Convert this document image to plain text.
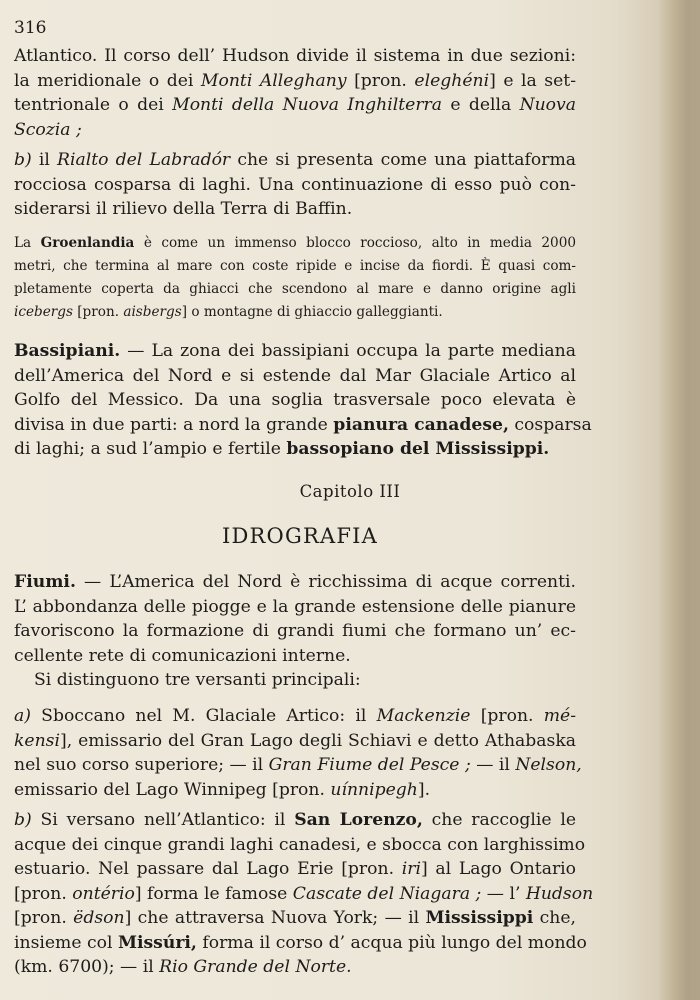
316
Atlantico. Il corso dell’ Hudson divide il sistema in due sezioni:
la meridionale o dei Monti Alleghany [pron. eleghéni] e la set-
tentrionale o dei Monti della Nuova Inghilterra e della Nuova
Scozia ;
b) il Rialto del Labradór che si presenta come una piattaforma
rocciosa cosparsa di laghi. Una continuazione di esso può con-
siderarsi il rilievo della Terra di Baffin.
La Groenlandia è come un immenso blocco roccioso, alto in media 2000
metri, che termina al mare con coste ripide e incise da fiordi. È quasi com-
pletamente coperta da ghiacci che scendono al mare e danno origine agli
icebergs [pron. aisbergs] o montagne di ghiaccio galleggianti.
Bassipiani. — La zona dei bassipiani occupa la parte mediana
dell’America del Nord e si estende dal Mar Glaciale Artico al
Golfo del Messico. Da una soglia trasversale poco elevata è
divisa in due parti: a nord la grande pianura canadese, cosparsa
di laghi; a sud l’ampio e fertile bassopiano del Mississippi.
Fiumi. — L’America del Nord è ricchissima di acque correnti.
L’ abbondanza delle piogge e la grande estensione delle pianure
favoriscono la formazione di grandi fiumi che formano un’ ec-
cellente rete di comunicazioni interne.
Si distinguono tre versanti principali:
a) Sboccano nel M. Glaciale Artico: il Mackenzie [pron. mé-
kensi], emissario del Gran Lago degli Schiavi e detto Athabaska
nel suo corso superiore; — il Gran Fiume del Pesce ; — il Nelson,
emissario del Lago Winnipeg [pron. uínnipegh].
b) Si versano nell’Atlantico: il San Lorenzo, che raccoglie le
acque dei cinque grandi laghi canadesi, e sbocca con larghissimo
estuario. Nel passare dal Lago Erie [pron. iri] al Lago Ontario
[pron. ontério] forma le famose Cascate del Niagara ; — l’ Hudson
[pron. ëdson] che attraversa Nuova York; — il Mississippi che,
insieme col Missúri, forma il corso d’ acqua più lungo del mondo
(km. 6700); — il Rio Grande del Norte.
Capitolo III
IDROGRAFIA
